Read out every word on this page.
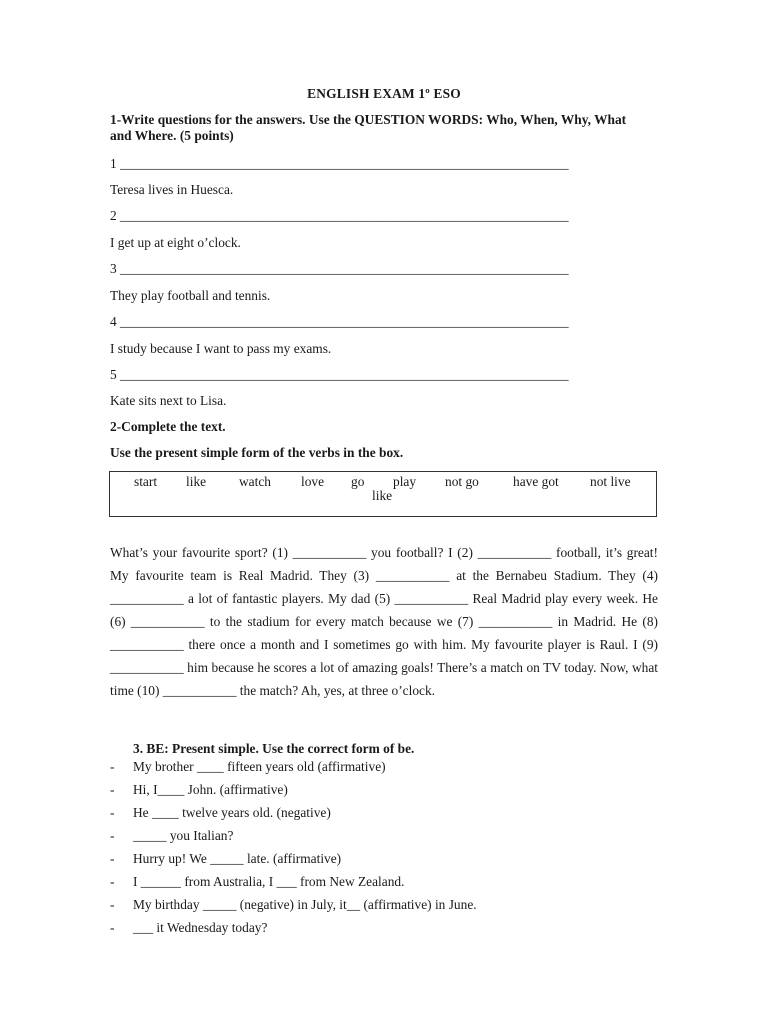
ENGLISH EXAM 1º ESO
1-Write questions for the answers. Use the QUESTION WORDS: Who, When, Why, What and Where. (5 points)
1 ___________________________________________________________________
Teresa lives in Huesca.
2 ___________________________________________________________________
I get up at eight o’clock.
3 ___________________________________________________________________
They play football and tennis.
4 ___________________________________________________________________
I study because I want to pass my exams.
5 ___________________________________________________________________
Kate sits next to Lisa.
2-Complete the text.
Use the present simple form of the verbs in the box.
start like watch love go play not go	have got not live
like
What’s your favourite sport? (1) ___________ you football? I (2) ___________ football, it’s great! My favourite team is Real Madrid. They (3) ___________ at the Bernabeu Stadium. They (4) ___________ a lot of fantastic players. My dad (5) ___________ Real Madrid play every week. He (6) ___________ to the stadium for every match because we (7) ___________ in Madrid. He (8) ___________ there once a month and I sometimes go with him. My favourite player is Raul. I (9) ___________ him because he scores a lot of amazing goals! There’s a match on TV today. Now, what time (10) ___________ the match? Ah, yes, at three o’clock.
3. BE: Present simple. Use the correct form of be.
- My brother ____ fifteen years old (affirmative)
- Hi, I____ John. (affirmative)
- He ____ twelve years old. (negative)
- _____ you Italian?
- Hurry up! We _____ late. (affirmative)
- I ______ from Australia, I ___ from New Zealand.
- My birthday _____ (negative) in July, it__ (affirmative) in June.
- ___ it Wednesday today?
